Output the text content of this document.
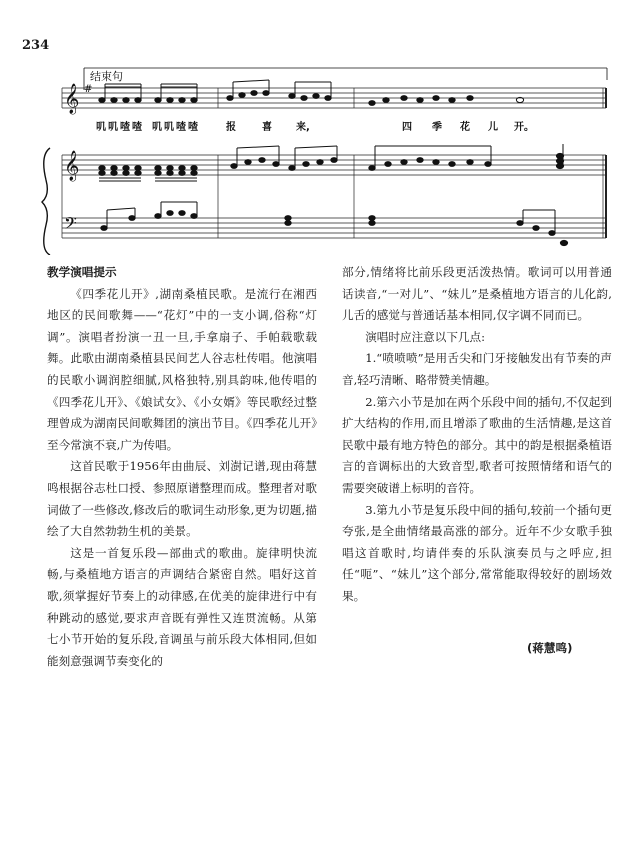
234
结束句
𝄞 #
叽 叽 喳 喳 叽 叽 喳 喳	报	喜 来,	四 季 花 儿 开。
𝄞
𝄢

教学演唱提示

《四季花儿开》,湖南桑植民歌。是流行在湘西地区的民间歌舞——“花灯”中的一支小调,俗称“灯调”。演唱者扮演一丑一旦,手拿扇子、手帕载歌载舞。此歌由湖南桑植县民间艺人谷志杜传唱。他演唱的民歌小调润腔细腻,风格独特,别具韵味,他传唱的《四季花儿开》、《娘试女》、《小女婿》等民歌经过整理曾成为湖南民间歌舞团的演出节目。《四季花儿开》至今常演不衰,广为传唱。

这首民歌于1956年由曲辰、刘澍记谱,现由蒋慧鸣根据谷志杜口授、参照原谱整理而成。整理者对歌词做了一些修改,修改后的歌词生动形象,更为切题,描绘了大自然勃勃生机的美景。

这是一首复乐段—部曲式的歌曲。旋律明快流畅,与桑植地方语言的声调结合紧密自然。唱好这首歌,须掌握好节奏上的动律感,在优美的旋律进行中有种跳动的感觉,要求声音既有弹性又连贯流畅。从第七小节开始的复乐段,音调虽与前乐段大体相同,但如能刻意强调节奏变化的

部分,情绪将比前乐段更活泼热情。歌词可以用普通话读音,“一对儿”、“妹儿”是桑植地方语言的儿化韵,儿舌的感觉与普通话基本相同,仅字调不同而已。

演唱时应注意以下几点:

1.“喷喷喷”是用舌尖和门牙接触发出有节奏的声音,轻巧清晰、略带赞美情趣。

2.第六小节是加在两个乐段中间的插句,不仅起到扩大结构的作用,而且增添了歌曲的生活情趣,是这首民歌中最有地方特色的部分。其中的韵是根据桑植语言的音调标出的大致音型,歌者可按照情绪和语气的需要突破谱上标明的音符。

3.第九小节是复乐段中间的插句,较前一个插句更夸张,是全曲情绪最高涨的部分。近年不少女歌手独唱这首歌时,均请伴奏的乐队演奏员与之呼应,担任“呃”、“妹儿”这个部分,常常能取得较好的剧场效果。

(蒋慧鸣)
